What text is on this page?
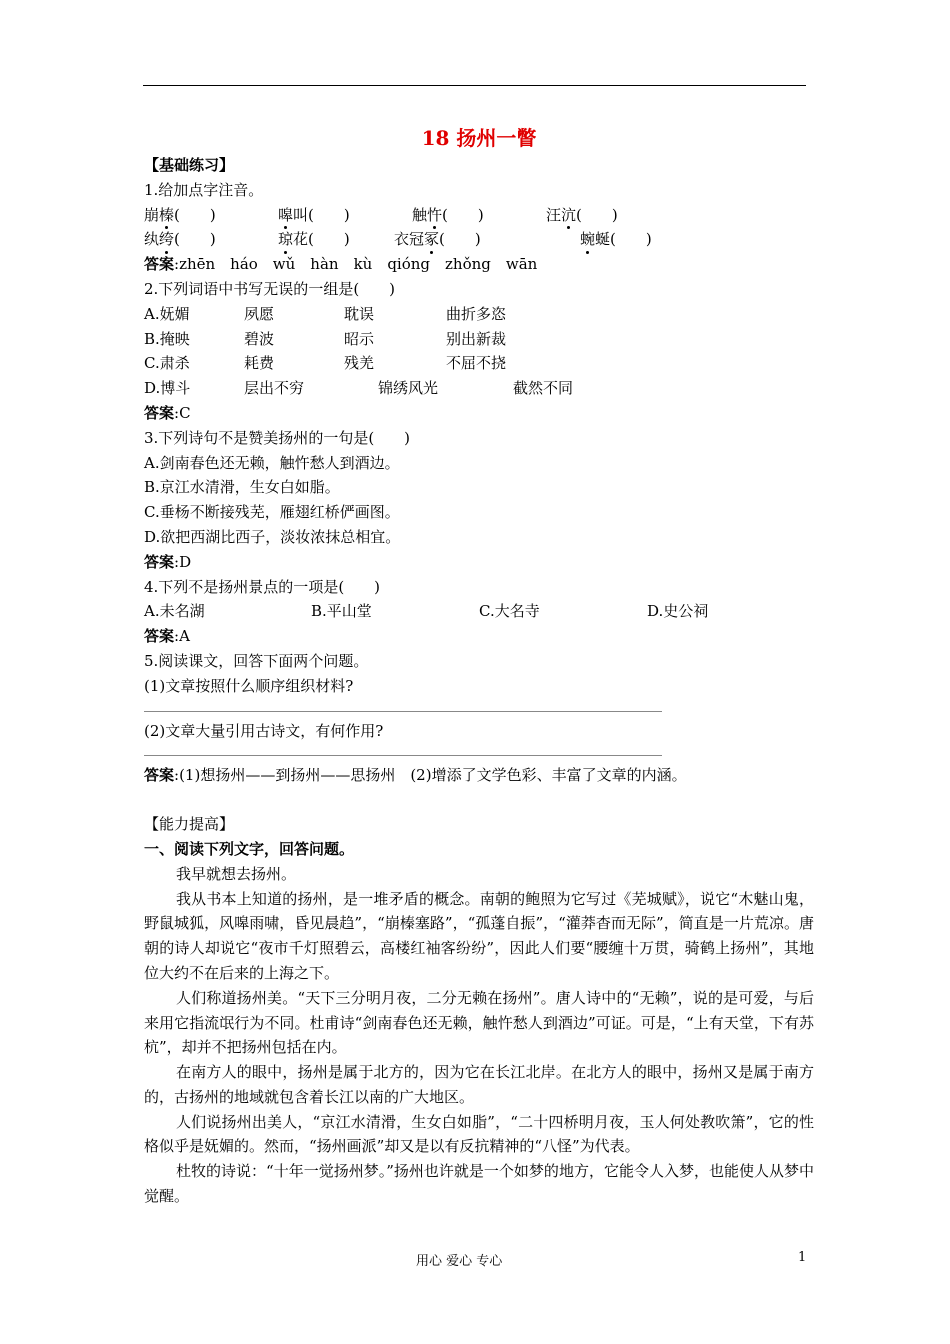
18 扬州一瞥
【基础练习】
1.给加点字注音。
崩榛(　　)	嗥叫(　　)	触忤(　　)	汪沆(　　)
纨绔(　　)	琼花(　　)	衣冠冢(　　)	蜿蜒(　　)
答案:zhēn　háo　wǔ　hàn　kù　qióng　zhǒng　wān
2.下列词语中书写无误的一组是(　　)
A.妩媚	夙愿	耽误	曲折多恣
B.掩映	碧波	昭示	别出新裁
C.肃杀	耗费	残羌	不屈不挠
D.博斗	层出不穷	锦绣风光	截然不同
答案:C
3.下列诗句不是赞美扬州的一句是(　　)
A.剑南春色还无赖，触忤愁人到酒边。
B.京江水清滑，生女白如脂。
C.垂杨不断接残芜，雁翅红桥俨画图。
D.欲把西湖比西子，淡妆浓抹总相宜。
答案:D
4.下列不是扬州景点的一项是(　　)
A.未名湖	B.平山堂	C.大名寺	D.史公祠
答案:A
5.阅读课文，回答下面两个问题。
(1)文章按照什么顺序组织材料?
(2)文章大量引用古诗文，有何作用?
答案:(1)想扬州——到扬州——思扬州　(2)增添了文学色彩、丰富了文章的内涵。
【能力提高】
一、阅读下列文字，回答问题。
我早就想去扬州。
我从书本上知道的扬州，是一堆矛盾的概念。南朝的鲍照为它写过《芜城赋》，说它“木魅山鬼，野鼠城狐，风嗥雨啸，昏见晨趋”，“崩榛塞路”，“孤蓬自振”，“灌莽杳而无际”，简直是一片荒凉。唐朝的诗人却说它“夜市千灯照碧云，高楼红袖客纷纷”，因此人们要“腰缠十万贯，骑鹤上扬州”，其地位大约不在后来的上海之下。
人们称道扬州美。“天下三分明月夜，二分无赖在扬州”。唐人诗中的“无赖”，说的是可爱，与后来用它指流氓行为不同。杜甫诗“剑南春色还无赖，触忤愁人到酒边”可证。可是，“上有天堂，下有苏杭”，却并不把扬州包括在内。
在南方人的眼中，扬州是属于北方的，因为它在长江北岸。在北方人的眼中，扬州又是属于南方的，古扬州的地域就包含着长江以南的广大地区。
人们说扬州出美人，“京江水清滑，生女白如脂”，“二十四桥明月夜，玉人何处教吹箫”，它的性格似乎是妩媚的。然而，“扬州画派”却又是以有反抗精神的“八怪”为代表。
杜牧的诗说：“十年一觉扬州梦。”扬州也许就是一个如梦的地方，它能令人入梦，也能使人从梦中觉醒。
用心 爱心 专心	1
